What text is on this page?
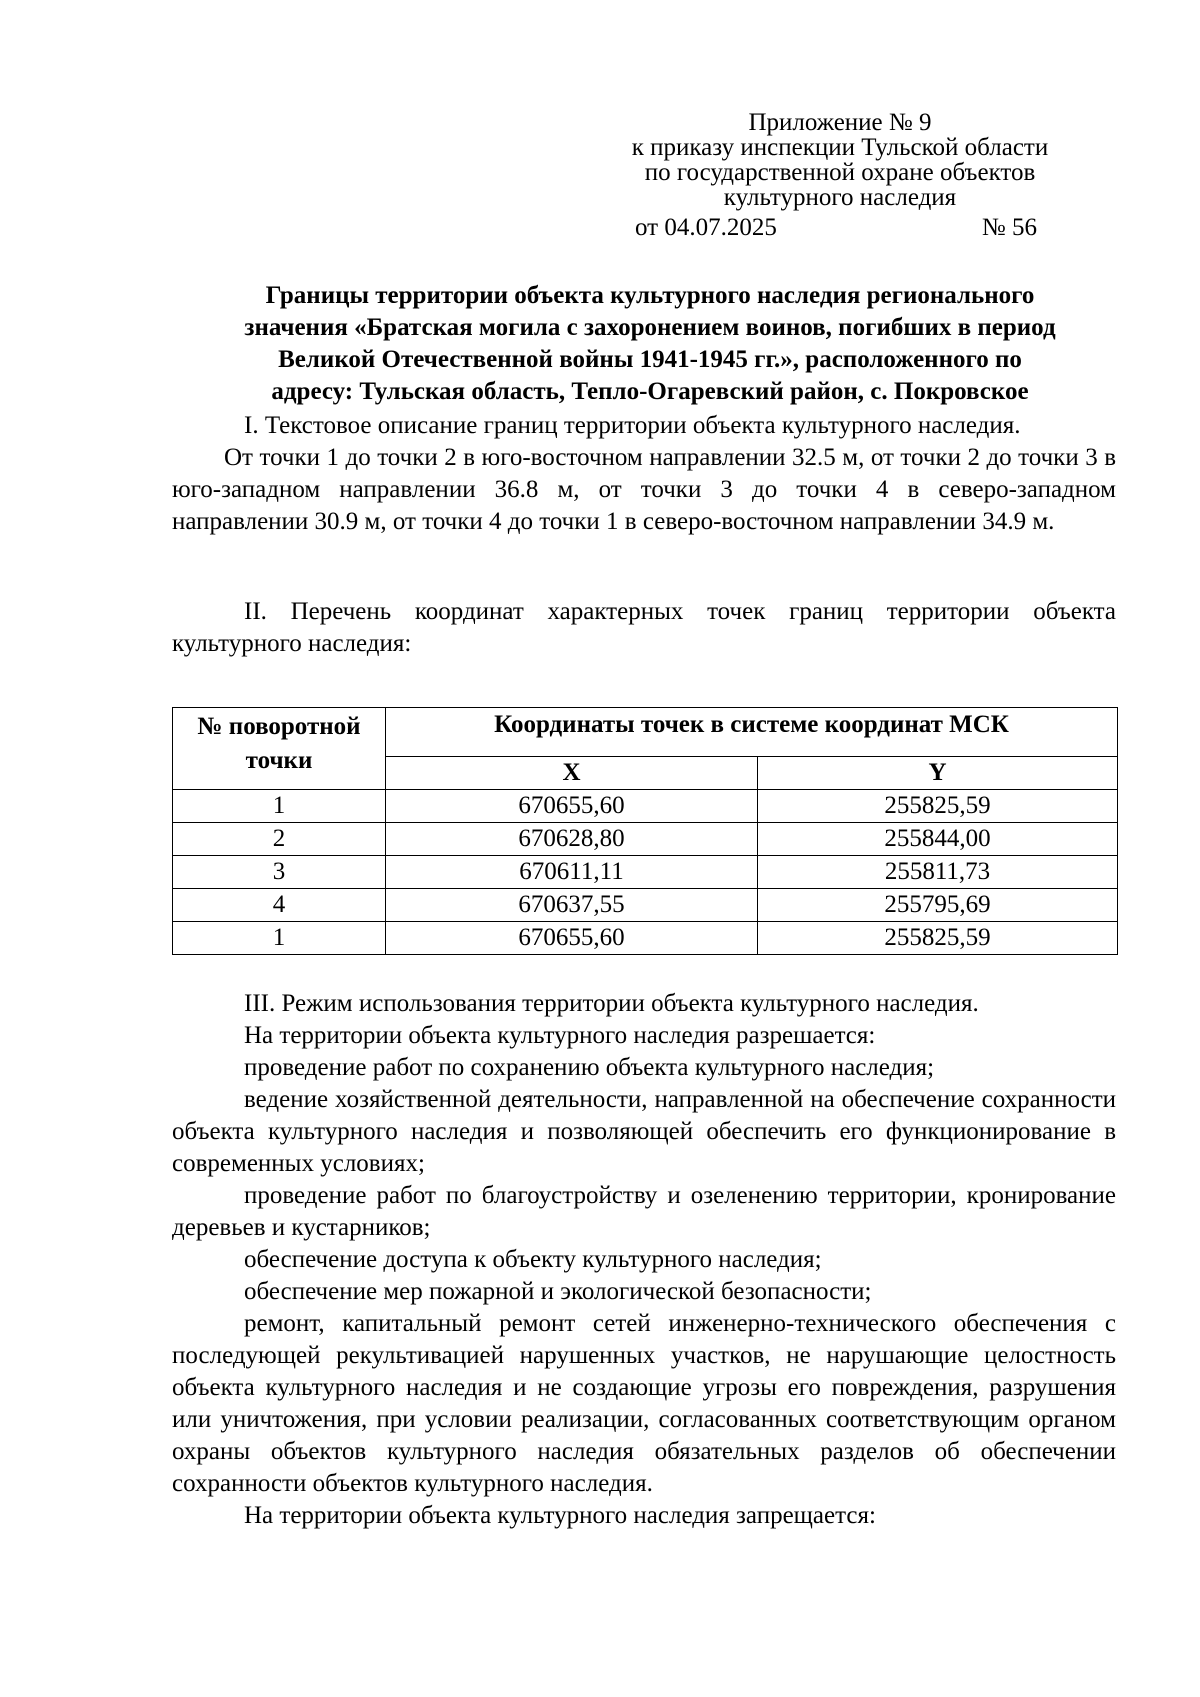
Приложение № 9
к приказу инспекции Тульской области
по государственной охране объектов
культурного наследия
от 04.07.2025	№ 56
Границы территории объекта культурного наследия регионального
значения «Братская могила с захоронением воинов, погибших в период
Великой Отечественной войны 1941-1945 гг.», расположенного по
адресу: Тульская область, Тепло-Огаревский район, с. Покровское

I. Текстовое описание границ территории объекта культурного наследия.

От точки 1 до точки 2 в юго-восточном направлении 32.5 м, от точки 2 до точки 3 в юго-западном направлении 36.8 м, от точки 3 до точки 4 в северо-западном направлении 30.9 м, от точки 4 до точки 1 в северо-восточном направлении 34.9 м.

II. Перечень координат характерных точек границ территории объекта культурного наследия:

№ поворотной точки	Координаты точек в системе координат МСК	
	X	Y
1	670655,60	255825,59
2	670628,80	255844,00
3	670611,11	255811,73
4	670637,55	255795,69
1	670655,60	255825,59

III. Режим использования территории объекта культурного наследия.

На территории объекта культурного наследия разрешается:

проведение работ по сохранению объекта культурного наследия;

ведение хозяйственной деятельности, направленной на обеспечение сохранности объекта культурного наследия и позволяющей обеспечить его функционирование в современных условиях;

проведение работ по благоустройству и озеленению территории, кронирование деревьев и кустарников;

обеспечение доступа к объекту культурного наследия;

обеспечение мер пожарной и экологической безопасности;

ремонт, капитальный ремонт сетей инженерно-технического обеспечения с последующей рекультивацией нарушенных участков, не нарушающие целостность объекта культурного наследия и не создающие угрозы его повреждения, разрушения или уничтожения, при условии реализации, согласованных соответствующим органом охраны объектов культурного наследия обязательных разделов об обеспечении сохранности объектов культурного наследия.

На территории объекта культурного наследия запрещается:
